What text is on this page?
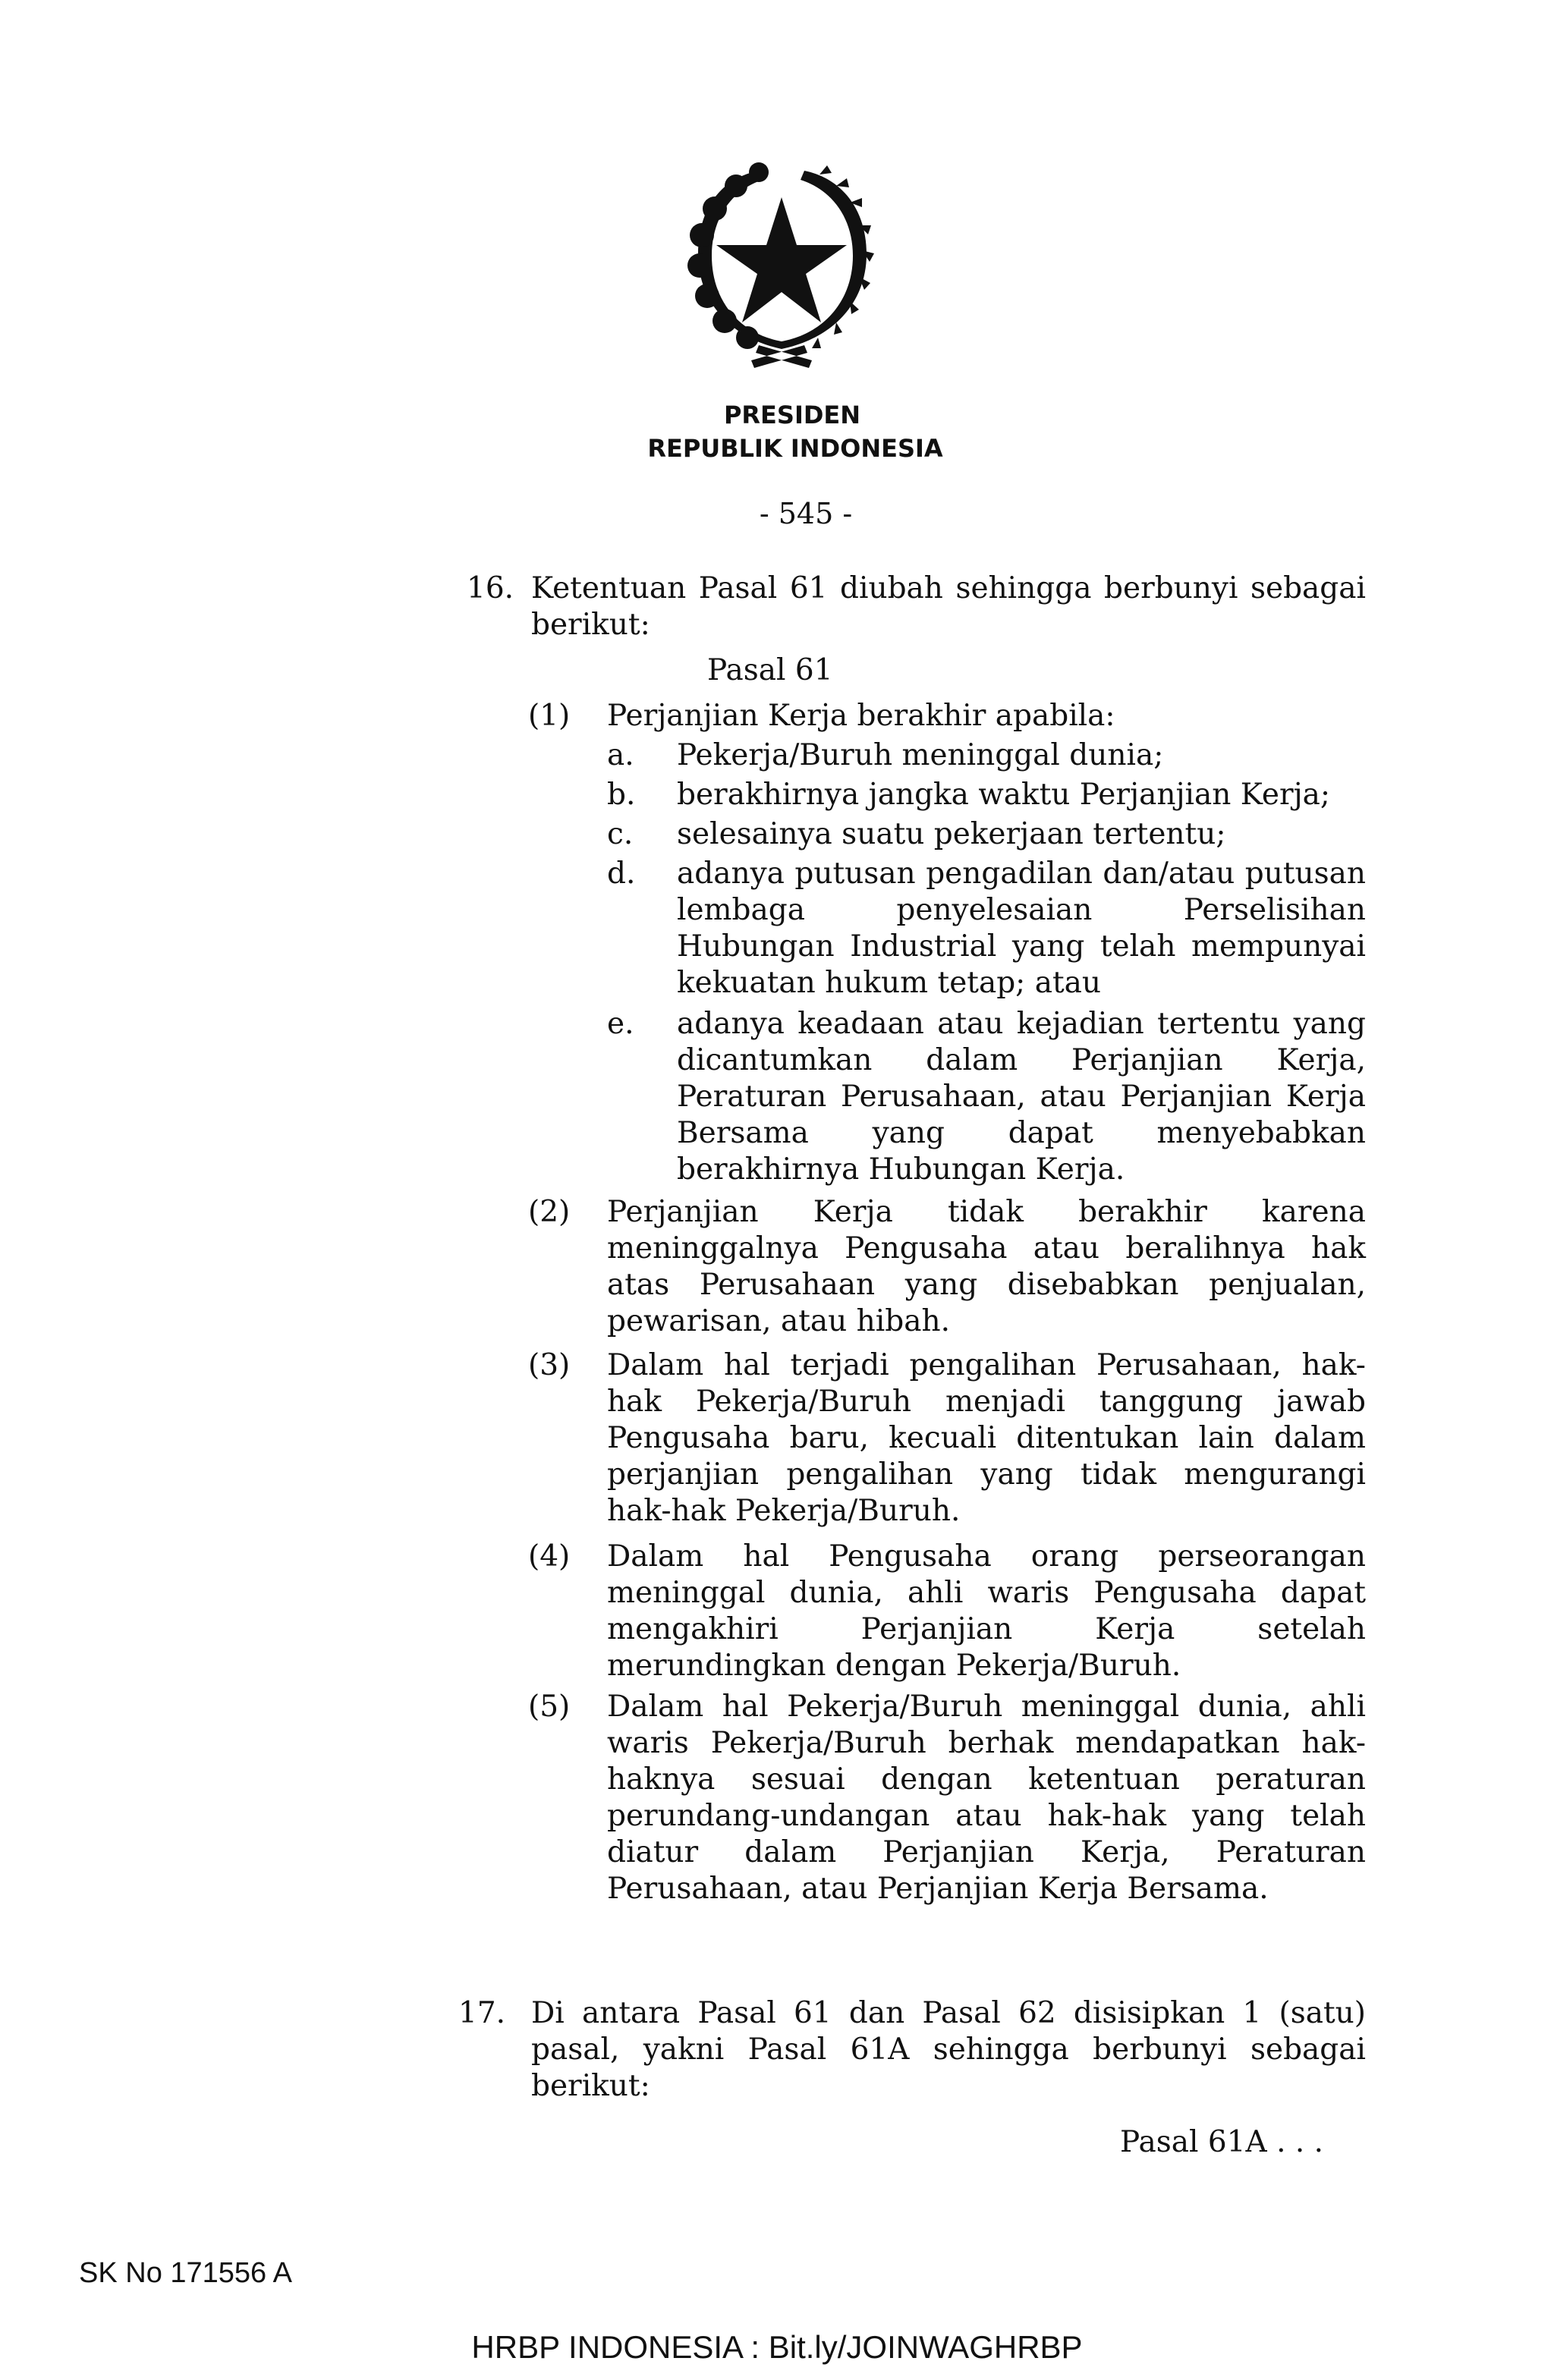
PRESIDEN
REPUBLIK INDONESIA
- 545 -
16. Ketentuan Pasal 61 diubah sehingga berbunyi sebagai berikut:
Pasal 61
(1) Perjanjian Kerja berakhir apabila:
a. Pekerja/Buruh meninggal dunia;
b. berakhirnya jangka waktu Perjanjian Kerja;
c. selesainya suatu pekerjaan tertentu;
d. adanya putusan pengadilan dan/atau putusan lembaga penyelesaian Perselisihan Hubungan Industrial yang telah mempunyai kekuatan hukum tetap; atau
e. adanya keadaan atau kejadian tertentu yang dicantumkan dalam Perjanjian Kerja, Peraturan Perusahaan, atau Perjanjian Kerja Bersama yang dapat menyebabkan berakhirnya Hubungan Kerja.
(2) Perjanjian Kerja tidak berakhir karena meninggalnya Pengusaha atau beralihnya hak atas Perusahaan yang disebabkan penjualan, pewarisan, atau hibah.
(3) Dalam hal terjadi pengalihan Perusahaan, hak-hak Pekerja/Buruh menjadi tanggung jawab Pengusaha baru, kecuali ditentukan lain dalam perjanjian pengalihan yang tidak mengurangi hak-hak Pekerja/Buruh.
(4) Dalam hal Pengusaha orang perseorangan meninggal dunia, ahli waris Pengusaha dapat mengakhiri Perjanjian Kerja setelah merundingkan dengan Pekerja/Buruh.
(5) Dalam hal Pekerja/Buruh meninggal dunia, ahli waris Pekerja/Buruh berhak mendapatkan hak-haknya sesuai dengan ketentuan peraturan perundang-undangan atau hak-hak yang telah diatur dalam Perjanjian Kerja, Peraturan Perusahaan, atau Perjanjian Kerja Bersama.
17. Di antara Pasal 61 dan Pasal 62 disisipkan 1 (satu) pasal, yakni Pasal 61A sehingga berbunyi sebagai berikut:
Pasal 61A . . .
SK No 171556 A
HRBP INDONESIA : Bit.ly/JOINWAGHRBP
